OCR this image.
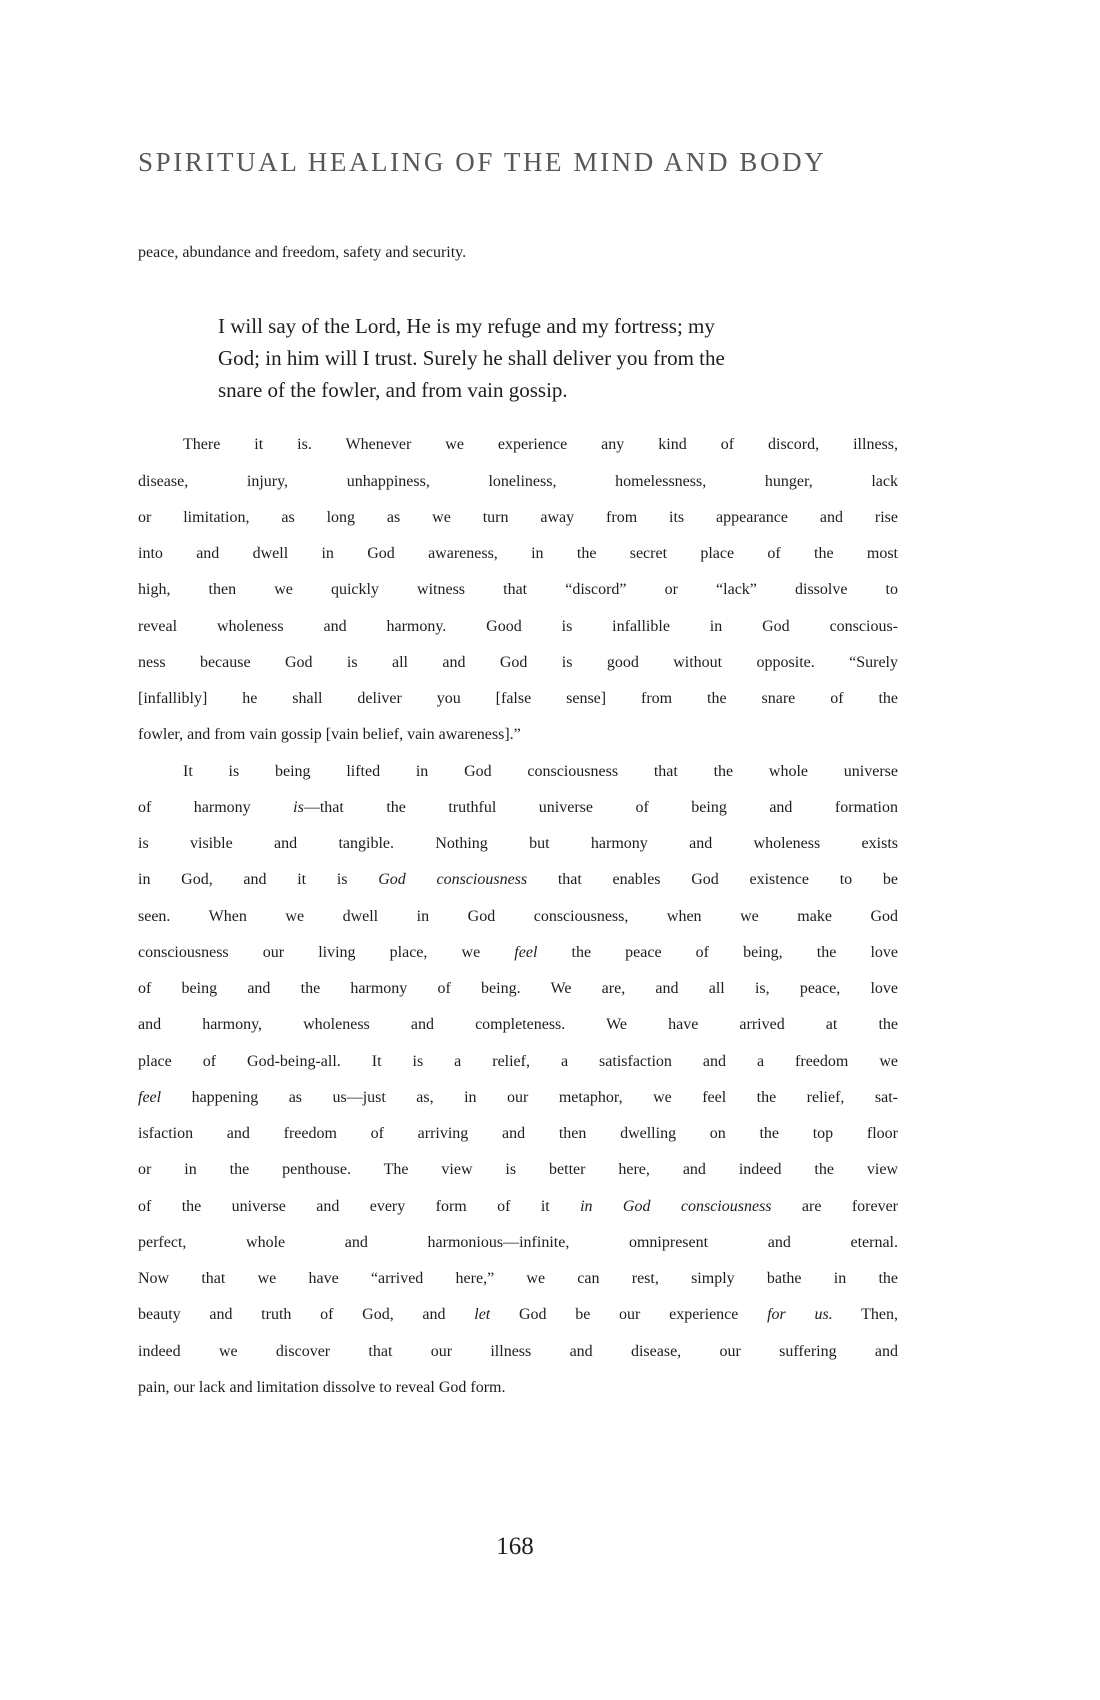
SPIRITUAL HEALING OF THE MIND AND BODY
peace, abundance and freedom, safety and security.
I will say of the Lord, He is my refuge and my fortress; my
God; in him will I trust. Surely he shall deliver you from the
snare of the fowler, and from vain gossip.
There it is. Whenever we experience any kind of discord, illness,
disease, injury, unhappiness, loneliness, homelessness, hunger, lack
or limitation, as long as we turn away from its appearance and rise
into and dwell in God awareness, in the secret place of the most
high, then we quickly witness that “discord” or “lack” dissolve to
reveal wholeness and harmony. Good is infallible in God conscious-
ness because God is all and God is good without opposite. “Surely
[infallibly] he shall deliver you [false sense] from the snare of the
fowler, and from vain gossip [vain belief, vain awareness].”
It is being lifted in God consciousness that the whole universe
of harmony is—that the truthful universe of being and formation
is visible and tangible. Nothing but harmony and wholeness exists
in God, and it is God consciousness that enables God existence to be
seen. When we dwell in God consciousness, when we make God
consciousness our living place, we feel the peace of being, the love
of being and the harmony of being. We are, and all is, peace, love
and harmony, wholeness and completeness. We have arrived at the
place of God-being-all. It is a relief, a satisfaction and a freedom we
feel happening as us—just as, in our metaphor, we feel the relief, sat-
isfaction and freedom of arriving and then dwelling on the top floor
or in the penthouse. The view is better here, and indeed the view
of the universe and every form of it in God consciousness are forever
perfect, whole and harmonious—infinite, omnipresent and eternal.
Now that we have “arrived here,” we can rest, simply bathe in the
beauty and truth of God, and let God be our experience for us. Then,
indeed we discover that our illness and disease, our suffering and
pain, our lack and limitation dissolve to reveal God form.
168
